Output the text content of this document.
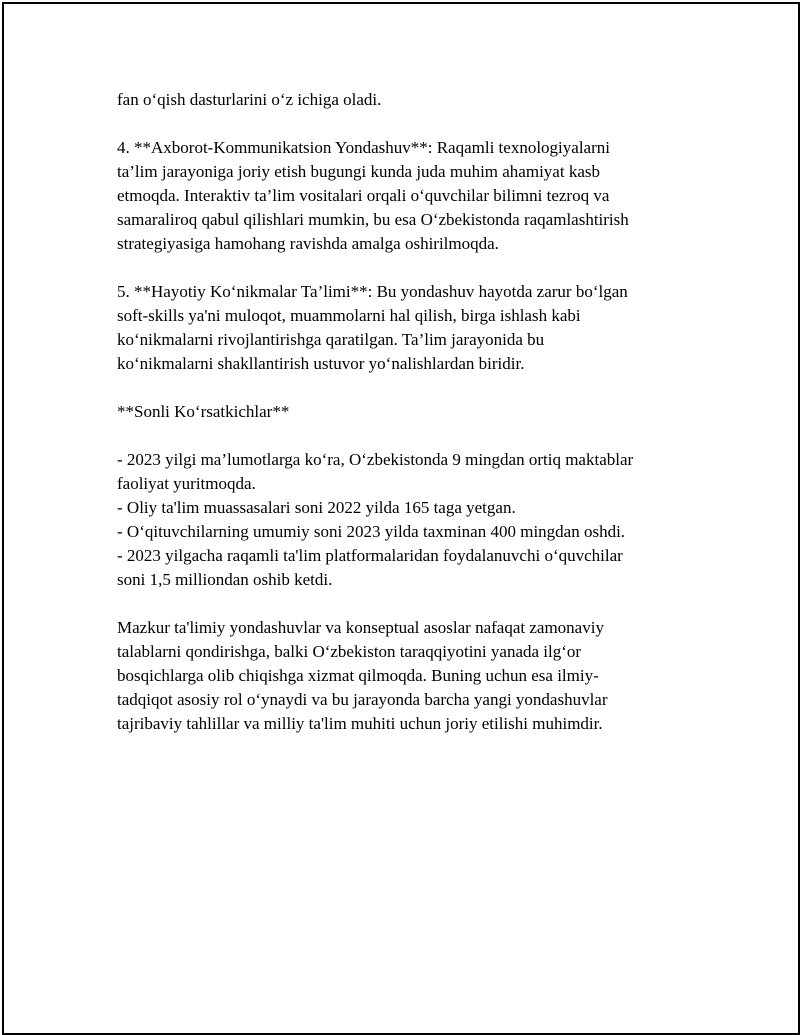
fan o‘qish dasturlarini o‘z ichiga oladi.

4. **Axborot-Kommunikatsion Yondashuv**: Raqamli texnologiyalarni

ta’lim jarayoniga joriy etish bugungi kunda juda muhim ahamiyat kasb

etmoqda. Interaktiv ta’lim vositalari orqali o‘quvchilar bilimni tezroq va

samaraliroq qabul qilishlari mumkin, bu esa O‘zbekistonda raqamlashtirish

strategiyasiga hamohang ravishda amalga oshirilmoqda.

5. **Hayotiy Ko‘nikmalar Ta’limi**: Bu yondashuv hayotda zarur bo‘lgan

soft-skills ya'ni muloqot, muammolarni hal qilish, birga ishlash kabi

ko‘nikmalarni rivojlantirishga qaratilgan. Ta’lim jarayonida bu

ko‘nikmalarni shakllantirish ustuvor yo‘nalishlardan biridir.

**Sonli Ko‘rsatkichlar**

- 2023 yilgi ma’lumotlarga ko‘ra, O‘zbekistonda 9 mingdan ortiq maktablar

faoliyat yuritmoqda.

- Oliy ta'lim muassasalari soni 2022 yilda 165 taga yetgan.

- O‘qituvchilarning umumiy soni 2023 yilda taxminan 400 mingdan oshdi.

- 2023 yilgacha raqamli ta'lim platformalaridan foydalanuvchi o‘quvchilar

soni 1,5 milliondan oshib ketdi.

Mazkur ta'limiy yondashuvlar va konseptual asoslar nafaqat zamonaviy

talablarni qondirishga, balki O‘zbekiston taraqqiyotini yanada ilg‘or

bosqichlarga olib chiqishga xizmat qilmoqda. Buning uchun esa ilmiy-

tadqiqot asosiy rol o‘ynaydi va bu jarayonda barcha yangi yondashuvlar

tajribaviy tahlillar va milliy ta'lim muhiti uchun joriy etilishi muhimdir.
